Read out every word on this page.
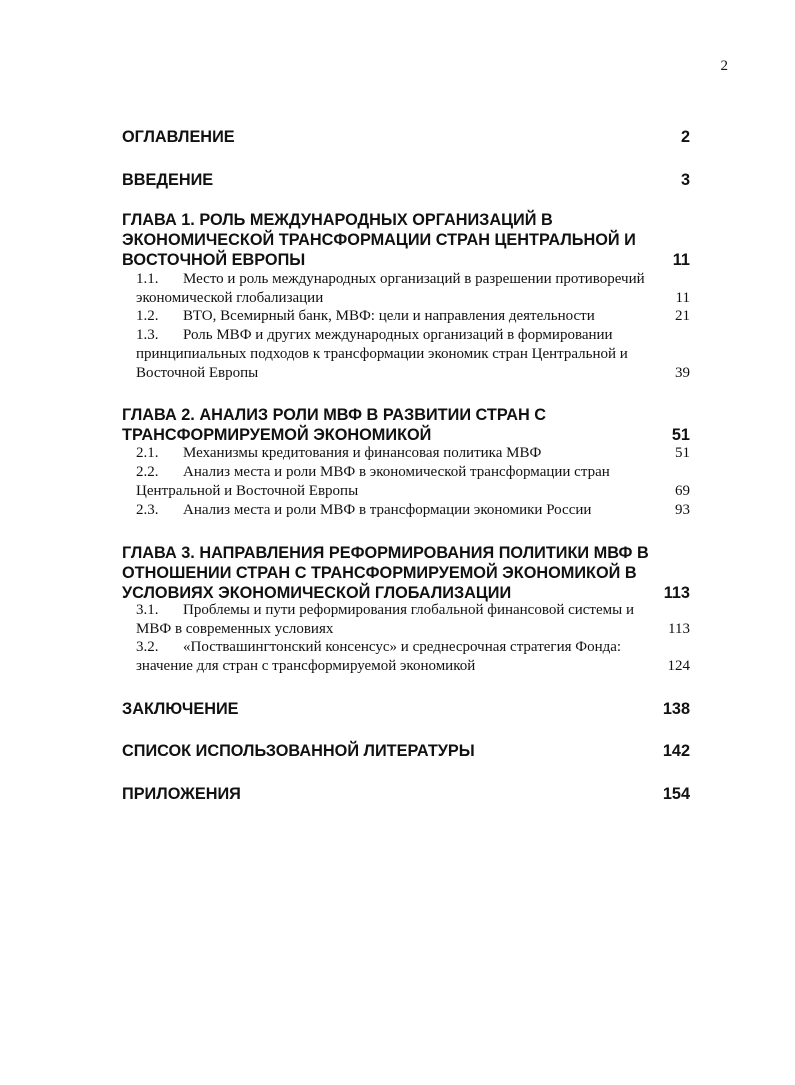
2
ОГЛАВЛЕНИЕ	2
ВВЕДЕНИЕ	3
ГЛАВА 1. РОЛЬ МЕЖДУНАРОДНЫХ ОРГАНИЗАЦИЙ В
ЭКОНОМИЧЕСКОЙ ТРАНСФОРМАЦИИ СТРАН ЦЕНТРАЛЬНОЙ И
ВОСТОЧНОЙ ЕВРОПЫ	11
1.1. Место и роль международных организаций в разрешении противоречий
экономической глобализации	11
1.2. ВТО, Всемирный банк, МВФ: цели и направления деятельности	21
1.3. Роль МВФ и других международных организаций в формировании
принципиальных подходов к трансформации экономик стран Центральной и
Восточной Европы	39
ГЛАВА 2. АНАЛИЗ РОЛИ МВФ В РАЗВИТИИ СТРАН С
ТРАНСФОРМИРУЕМОЙ ЭКОНОМИКОЙ	51
2.1. Механизмы кредитования и финансовая политика МВФ	51
2.2. Анализ места и роли МВФ в экономической трансформации стран
Центральной и Восточной Европы	69
2.3. Анализ места и роли МВФ в трансформации экономики России	93
ГЛАВА 3. НАПРАВЛЕНИЯ РЕФОРМИРОВАНИЯ ПОЛИТИКИ МВФ В
ОТНОШЕНИИ СТРАН С ТРАНСФОРМИРУЕМОЙ ЭКОНОМИКОЙ В
УСЛОВИЯХ ЭКОНОМИЧЕСКОЙ ГЛОБАЛИЗАЦИИ	113
3.1. Проблемы и пути реформирования глобальной финансовой системы и
МВФ в современных условиях	113
3.2. «Поствашингтонский консенсус» и среднесрочная стратегия Фонда:
значение для стран с трансформируемой экономикой	124
ЗАКЛЮЧЕНИЕ	138
СПИСОК ИСПОЛЬЗОВАННОЙ ЛИТЕРАТУРЫ	142
ПРИЛОЖЕНИЯ	154
